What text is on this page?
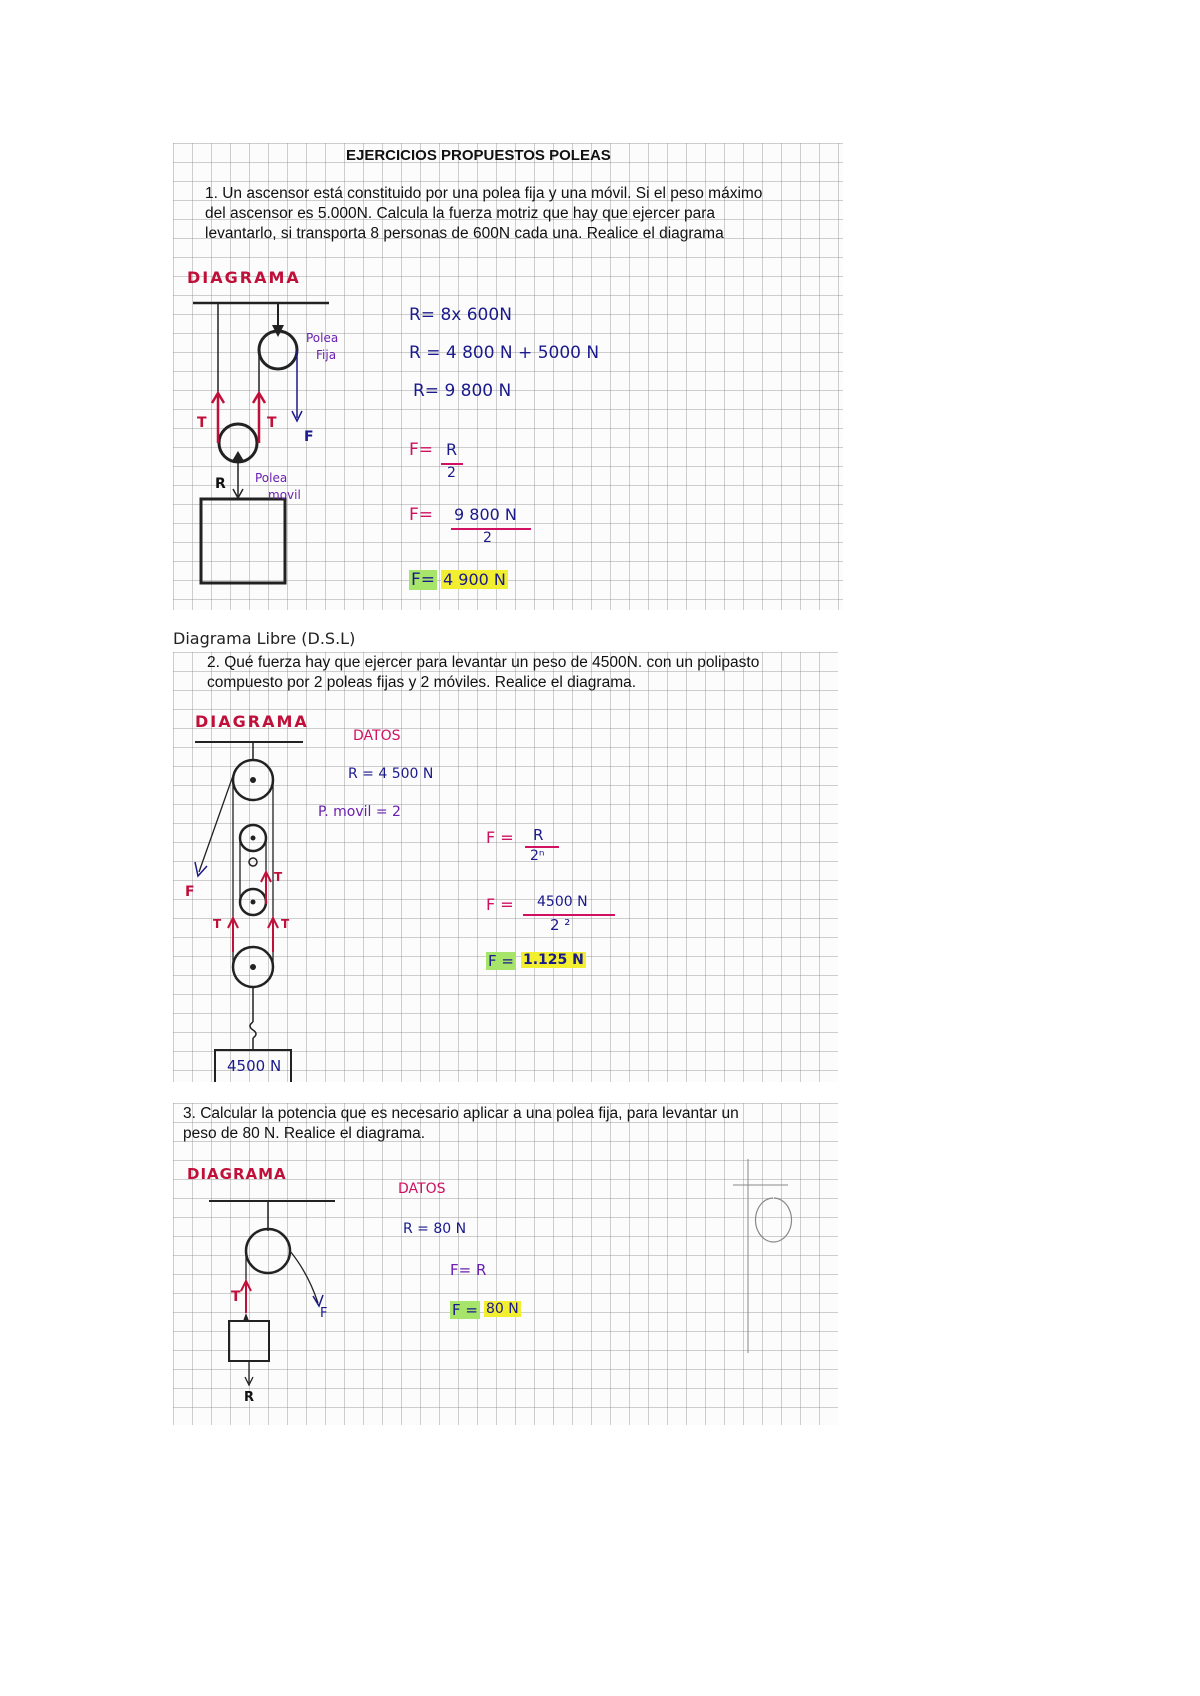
EJERCICIOS PROPUESTOS POLEAS
1. Un ascensor está constituido por una polea fija y una móvil. Si el peso máximo
del ascensor es 5.000N. Calcula la fuerza motriz que hay que ejercer para
levantarlo, si transporta 8 personas de 600N cada una. Realice el diagrama
DIAGRAMA
Polea
Fija
T	T
F
Polea
movil
R
R= 8x 600N
R = 4 800 N + 5000 N
R= 9 800 N
F= R
2
F= 9 800 N
2
F= 4 900 N
Diagrama Libre (D.S.L)
2. Qué fuerza hay que ejercer para levantar un peso de 4500N. con un polipasto
compuesto por 2 poleas fijas y 2 móviles. Realice el diagrama.
DIAGRAMA
DATOS
R = 4 500 N
P. movil = 2
F = R
2ⁿ
F = 4500 N
2 ²
F = 1.125 N
F
T
T	T
4500 N
3. Calcular la potencia que es necesario aplicar a una polea fija, para levantar un
peso de 80 N. Realice el diagrama.
DIAGRAMA
DATOS
R = 80 N
F= R
F = 80 N
T
F
R
